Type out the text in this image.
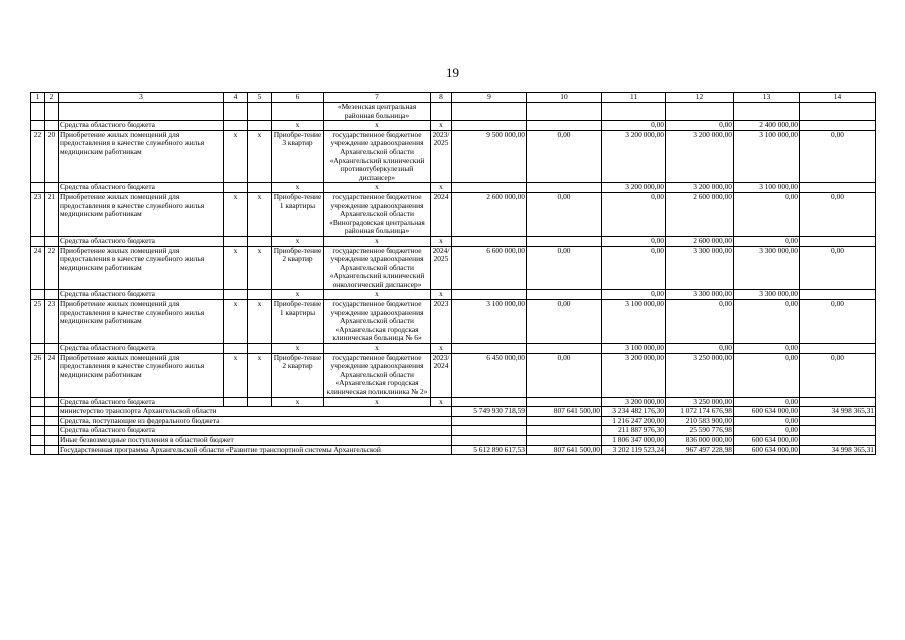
19
1	2	3	4	5	6	7	8	9	10	11	12	13	14
						«Мезенская центральная районная больница»							
		Средства областного бюджета			х	х	х			0,00	0,00	2 400 000,00	
22	20	Приобретение жилых помещений для предоставления в качестве служебного жилья медицинским работникам	х	х	Приобре-тение 3 квартир	государственное бюджетное учреждение здравоохранения Архангельской области «Архангельский клинический противотуберкулезный диспансер»	2023/ 2025	9 500 000,00	0,00	3 200 000,00	3 200 000,00	3 100 000,00	0,00
		Средства областного бюджета			х	х	х			3 200 000,00	3 200 000,00	3 100 000,00	
23	21	Приобретение жилых помещений для предоставления в качестве служебного жилья медицинским работникам	х	х	Приобре-тение 1 квартиры	государственное бюджетное учреждение здравоохранения Архангельской области «Виноградовская центральная районная больница»	2024	2 600 000,00	0,00	0,00	2 600 000,00	0,00	0,00
		Средства областного бюджета			х	х	х			0,00	2 600 000,00	0,00	
24	22	Приобретение жилых помещений для предоставления в качестве служебного жилья медицинским работникам	х	х	Приобре-тение 2 квартир	государственное бюджетное учреждение здравоохранения Архангельской области «Архангельский клинический онкологический диспансер»	2024/ 2025	6 600 000,00	0,00	0,00	3 300 000,00	3 300 000,00	0,00
		Средства областного бюджета			х	х	х			0,00	3 300 000,00	3 300 000,00	
25	23	Приобретение жилых помещений для предоставления в качестве служебного жилья медицинским работникам	х	х	Приобре-тение 1 квартиры	государственное бюджетное учреждение здравоохранения Архангельской области «Архангельская городская клиническая больница № 6»	2023	3 100 000,00	0,00	3 100 000,00	0,00	0,00	0,00
		Средства областного бюджета			х	х	х			3 100 000,00	0,00	0,00	
26	24	Приобретение жилых помещений для предоставления в качестве служебного жилья медицинским работникам	х	х	Приобре-тение 2 квартир	государственное бюджетное учреждение здравоохранения Архангельской области «Архангельская городская клиническая поликлиника № 2»	2023/ 2024	6 450 000,00	0,00	3 200 000,00	3 250 000,00	0,00	0,00
		Средства областного бюджета			х	х	х			3 200 000,00	3 250 000,00	0,00	
		министерство транспорта Архангельской области						5 749 930 718,59	807 641 500,00	3 234 482 176,30	1 072 174 676,98	600 634 000,00	34 998 365,31
		Средства, поступающие из федерального бюджета								1 216 247 200,00	210 583 900,00	0,00	
		Средства областного бюджета								211 887 976,30	25 590 776,98	0,00	
		Иные безвозмездные поступления в областной бюджет								1 806 347 000,00	836 000 000,00	600 634 000,00	
		Государственная программа Архангельской области «Развитие транспортной системы Архангельской						5 612 890 617,53	807 641 500,00	3 202 119 523,24	967 497 228,98	600 634 000,00	34 998 365,31
